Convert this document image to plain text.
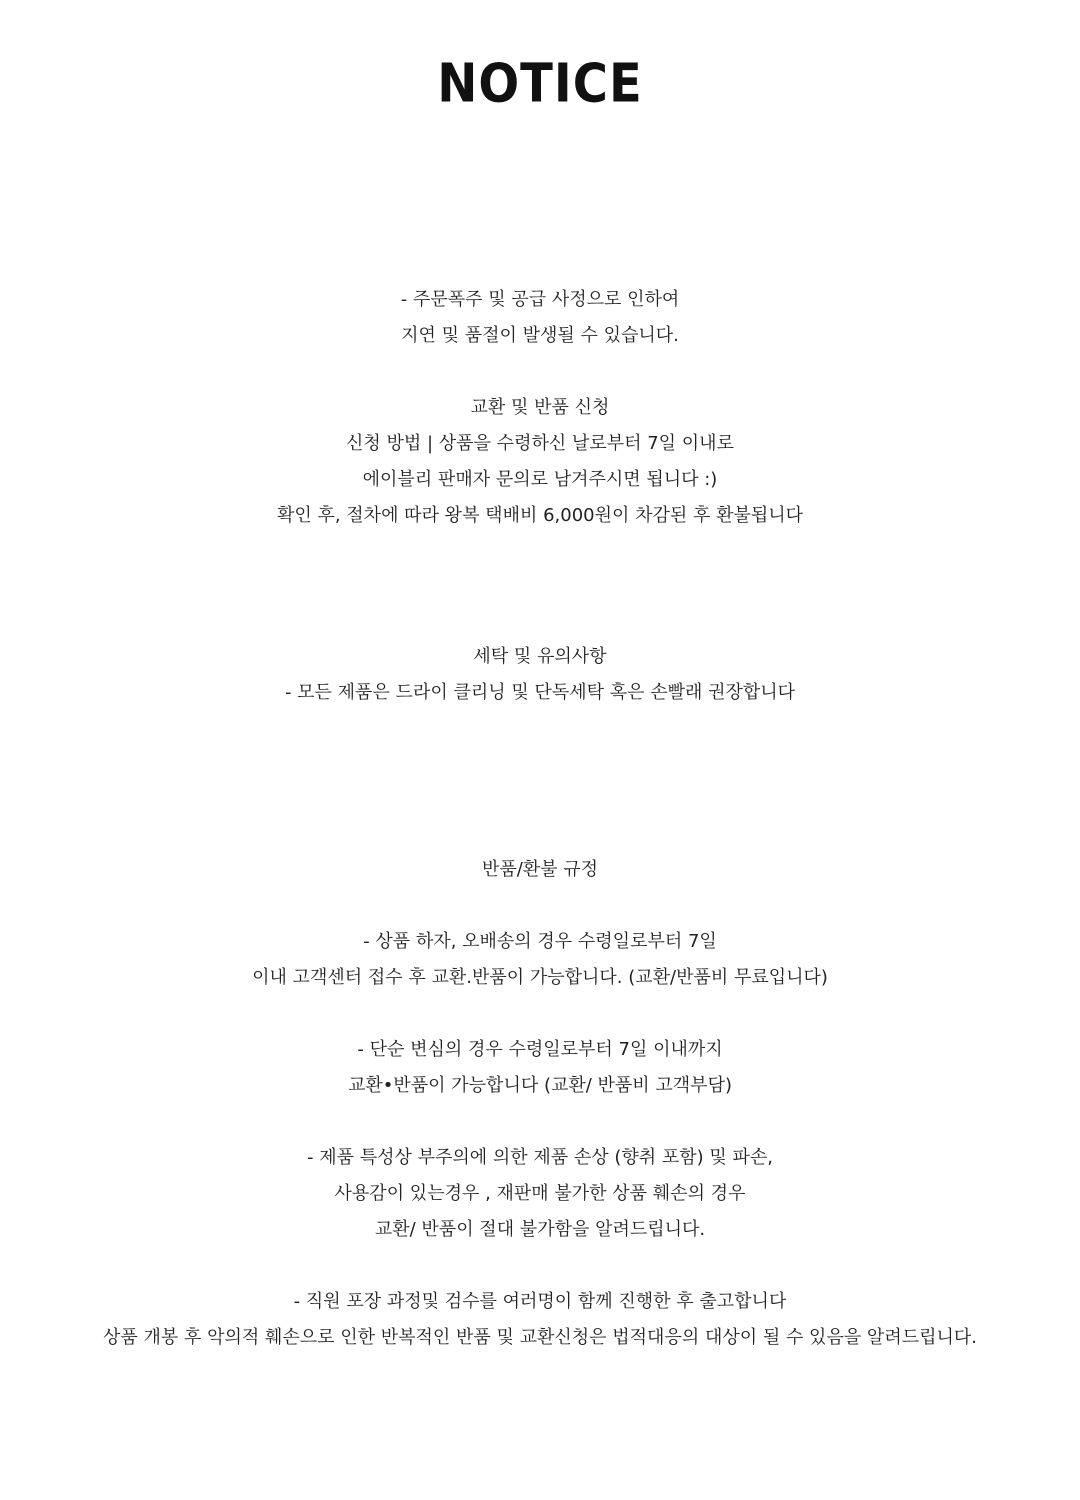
NOTICE
- 주문폭주 및 공급 사정으로 인하여
지연 및 품절이 발생될 수 있습니다.
교환 및 반품 신청
신청 방법 | 상품을 수령하신 날로부터 7일 이내로
에이블리 판매자 문의로 남겨주시면 됩니다 :)
확인 후, 절차에 따라 왕복 택배비 6,000원이 차감된 후 환불됩니다
세탁 및 유의사항
- 모든 제품은 드라이 클리닝 및 단독세탁 혹은 손빨래 권장합니다
반품/환불 규정
- 상품 하자, 오배송의 경우 수령일로부터 7일
이내 고객센터 접수 후 교환.반품이 가능합니다. (교환/반품비 무료입니다)
- 단순 변심의 경우 수령일로부터 7일 이내까지
교환•반품이 가능합니다 (교환/ 반품비 고객부담)
- 제품 특성상 부주의에 의한 제품 손상 (향취 포함) 및 파손,
사용감이 있는경우 , 재판매 불가한 상품 훼손의 경우
교환/ 반품이 절대 불가함을 알려드립니다.
- 직원 포장 과정및 검수를 여러명이 함께 진행한 후 출고합니다
상품 개봉 후 악의적 훼손으로 인한 반복적인 반품 및 교환신청은 법적대응의 대상이 될 수 있음을 알려드립니다.
